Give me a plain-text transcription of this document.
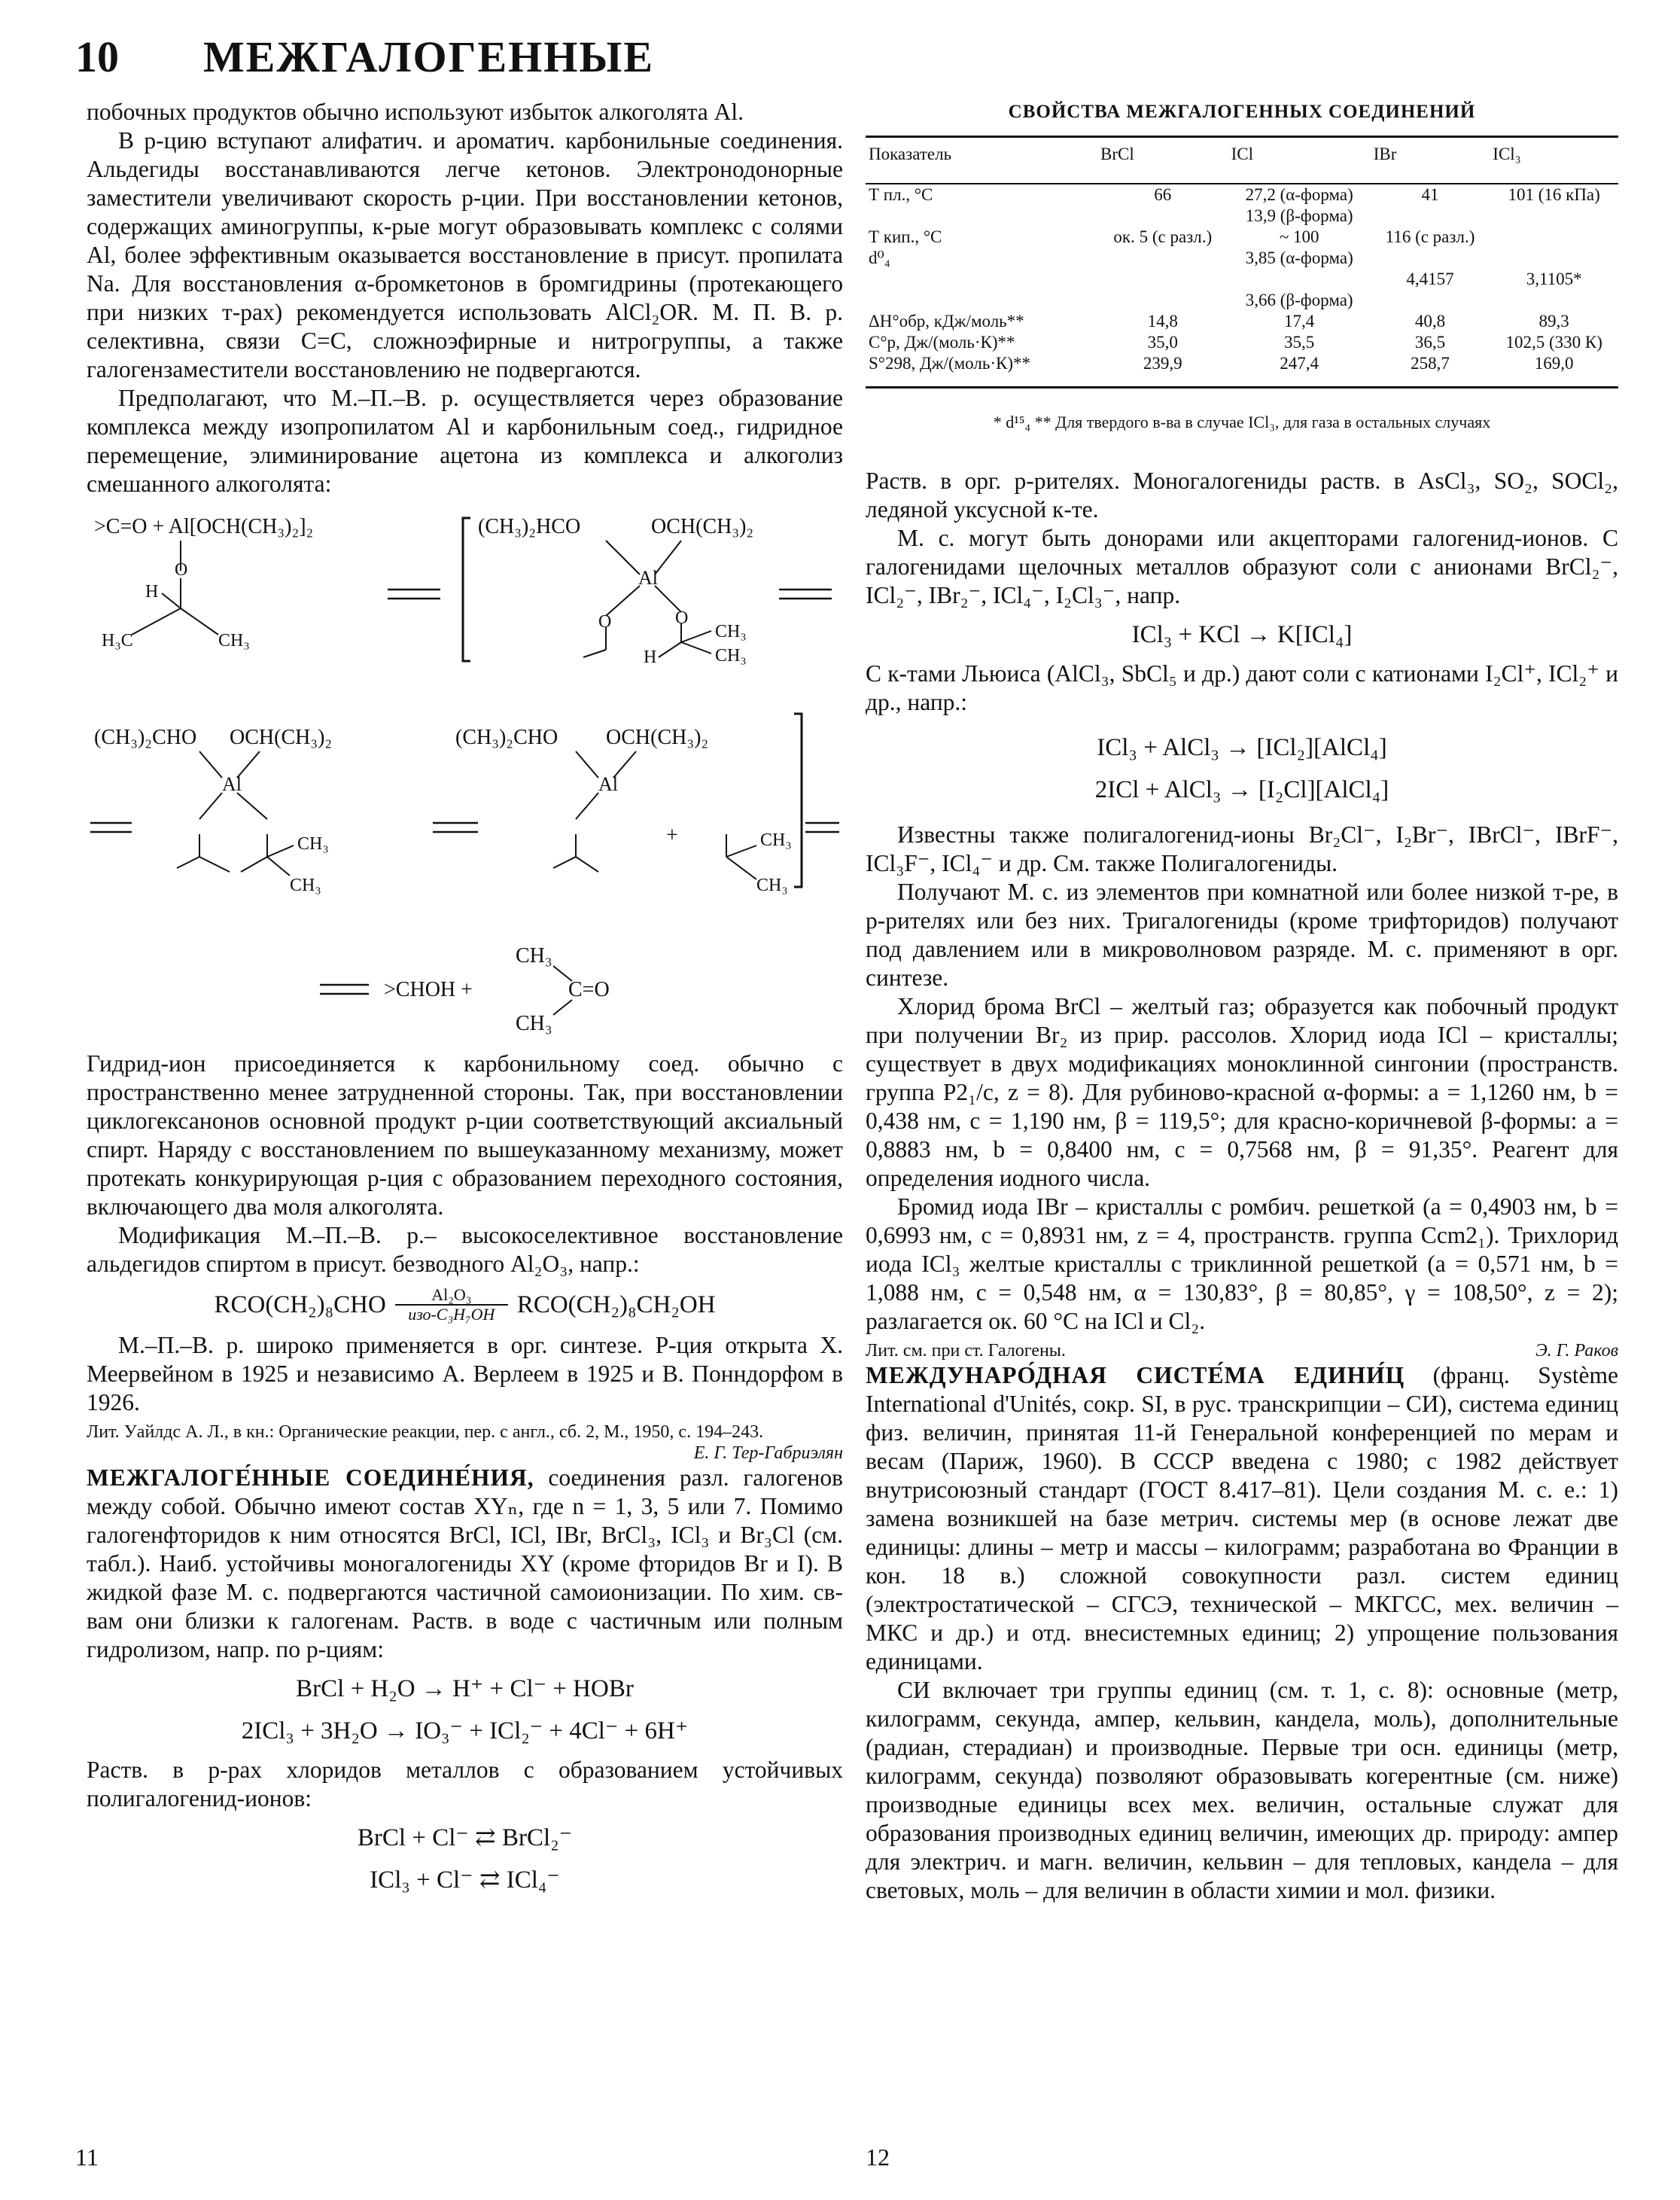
10 МЕЖГАЛОГЕННЫЕ

побочных продуктов обычно используют избыток алкоголята Al.

В р-цию вступают алифатич. и ароматич. карбонильные соединения. Альдегиды восстанавливаются легче кетонов. Электронодонорные заместители увеличивают скорость р-ции. При восстановлении кетонов, содержащих аминогруппы, к-рые могут образовывать комплекс с солями Al, более эффективным оказывается восстановление в присут. пропилата Na. Для восстановления α-бромкетонов в бромгидрины (протекающего при низких т-рах) рекомендуется использовать AlCl₂OR. М. П. В. р. селективна, связи C=C, сложноэфирные и нитрогруппы, а также галогензаместители восстановлению не подвергаются.

Предполагают, что М.–П.–В. р. осуществляется через образование комплекса между изопропилатом Al и карбонильным соед., гидридное перемещение, элиминирование ацетона из комплекса и алкоголиз смешанного алкоголята:

>C=O + Al[OCH(CH₃)₂]₂
O
H
H₃C	CH₃
(CH₃)₂HCO	OCH(CH₃)₂
Al
O	O
CH₃
CH₃
H
(CH₃)₂CHO OCH(CH₃)₂
Al
CH₃
CH₃
(CH₃)₂CHO OCH(CH₃)₂
Al
+	CH₃
CH₃
>CHOH +
CH₃
CH₃
C=O

Гидрид-ион присоединяется к карбонильному соед. обычно с пространственно менее затрудненной стороны. Так, при восстановлении циклогексанонов основной продукт р-ции соответствующий аксиальный спирт. Наряду с восстановлением по вышеуказанному механизму, может протекать конкурирующая р-ция с образованием переходного состояния, включающего два моля алкоголята.

Модификация М.–П.–В. р.– высокоселективное восстановление альдегидов спиртом в присут. безводного Al₂O₃, напр.:

RCO(CH₂)₈CHO	Al₂O₃
изо-C₃H₇OH RCO(CH₂)₈CH₂OH

М.–П.–В. р. широко применяется в орг. синтезе. Р-ция открыта Х. Меервейном в 1925 и независимо А. Верлеем в 1925 и В. Понндорфом в 1926.

Лит. Уайлдс А. Л., в кн.: Органические реакции, пер. с англ., сб. 2, М., 1950, с. 194–243.
Е. Г. Тер-Габриэлян

МЕЖГАЛОГЕ́ННЫЕ СОЕДИНЕ́НИЯ, соединения разл. галогенов между собой. Обычно имеют состав XYₙ, где n = 1, 3, 5 или 7. Помимо галогенфторидов к ним относятся BrCl, ICl, IBr, BrCl₃, ICl₃ и Br₃Cl (см. табл.). Наиб. устойчивы моногалогениды XY (кроме фторидов Br и I). В жидкой фазе М. с. подвергаются частичной самоионизации. По хим. св-вам они близки к галогенам. Раств. в воде с частичным или полным гидролизом, напр. по р-циям:

BrCl + H₂O → H⁺ + Cl⁻ + HOBr
2ICl₃ + 3H₂O → IO₃⁻ + ICl₂⁻ + 4Cl⁻ + 6H⁺

Раств. в р-рах хлоридов металлов с образованием устойчивых полигалогенид-ионов:

BrCl + Cl⁻ ⇄ BrCl₂⁻
ICl₃ + Cl⁻ ⇄ ICl₄⁻
СВОЙСТВА МЕЖГАЛОГЕННЫХ СОЕДИНЕНИЙ
Показатель	BrCl	ICl	IBr	ICl₃
Т пл., °C	66	27,2 (α-форма)	41	101 (16 кПа)
		13,9 (β-форма)		
Т кип., °C	ок. 5 (с разл.)	~ 100	116 (с разл.)	
d⁰₄		3,85 (α-форма)		
			4,4157	3,1105*
		3,66 (β-форма)		
ΔH°обр, кДж/моль**	14,8	17,4	40,8	89,3
C°p, Дж/(моль·К)**	35,0	35,5	36,5	102,5 (330 К)
S°298, Дж/(моль·К)**	239,9	247,4	258,7	169,0
* d¹⁵₄ ** Для твердого в-ва в случае ICl₃, для газа в остальных случаях

Раств. в орг. р-рителях. Моногалогениды раств. в AsCl₃, SO₂, SOCl₂, ледяной уксусной к-те.

М. с. могут быть донорами или акцепторами галогенид-ионов. С галогенидами щелочных металлов образуют соли с анионами BrCl₂⁻, ICl₂⁻, IBr₂⁻, ICl₄⁻, I₂Cl₃⁻, напр.

ICl₃ + KCl → K[ICl₄]

С к-тами Льюиса (AlCl₃, SbCl₅ и др.) дают соли с катионами I₂Cl⁺, ICl₂⁺ и др., напр.:

ICl₃ + AlCl₃ → [ICl₂][AlCl₄]
2ICl + AlCl₃ → [I₂Cl][AlCl₄]

Известны также полигалогенид-ионы Br₂Cl⁻, I₂Br⁻, IBrCl⁻, IBrF⁻, ICl₃F⁻, ICl₄⁻ и др. См. также Полигалогениды.

Получают М. с. из элементов при комнатной или более низкой т-ре, в р-рителях или без них. Тригалогениды (кроме трифторидов) получают под давлением или в микроволновом разряде. М. с. применяют в орг. синтезе.

Хлорид брома BrCl – желтый газ; образуется как побочный продукт при получении Br₂ из прир. рассолов. Хлорид иода ICl – кристаллы; существует в двух модификациях моноклинной сингонии (пространств. группа P2₁/c, z = 8). Для рубиново-красной α-формы: a = 1,1260 нм, b = 0,438 нм, c = 1,190 нм, β = 119,5°; для красно-коричневой β-формы: a = 0,8883 нм, b = 0,8400 нм, c = 0,7568 нм, β = 91,35°. Реагент для определения иодного числа.

Бромид иода IBr – кристаллы с ромбич. решеткой (a = 0,4903 нм, b = 0,6993 нм, c = 0,8931 нм, z = 4, пространств. группа Ccm2₁). Трихлорид иода ICl₃ желтые кристаллы с триклинной решеткой (a = 0,571 нм, b = 1,088 нм, c = 0,548 нм, α = 130,83°, β = 80,85°, γ = 108,50°, z = 2); разлагается ок. 60 °C на ICl и Cl₂.

Лит. см. при ст. Галогены.	Э. Г. Раков

МЕЖДУНАРО́ДНАЯ СИСТЕ́МА ЕДИНИ́Ц (франц. Système International d'Unités, сокр. SI, в рус. транскрипции – СИ), система единиц физ. величин, принятая 11-й Генеральной конференцией по мерам и весам (Париж, 1960). В СССР введена с 1980; с 1982 действует внутрисоюзный стандарт (ГОСТ 8.417–81). Цели создания М. с. е.: 1) замена возникшей на базе метрич. системы мер (в основе лежат две единицы: длины – метр и массы – килограмм; разработана во Франции в кон. 18 в.) сложной совокупности разл. систем единиц (электростатической – СГСЭ, технической – МКГСС, мех. величин – МКС и др.) и отд. внесистемных единиц; 2) упрощение пользования единицами.

СИ включает три группы единиц (см. т. 1, с. 8): основные (метр, килограмм, секунда, ампер, кельвин, кандела, моль), дополнительные (радиан, стерадиан) и производные. Первые три осн. единицы (метр, килограмм, секунда) позволяют образовывать когерентные (см. ниже) производные единицы всех мех. величин, остальные служат для образования производных единиц величин, имеющих др. природу: ампер для электрич. и магн. величин, кельвин – для тепловых, кандела – для световых, моль – для величин в области химии и мол. физики.

11	12
